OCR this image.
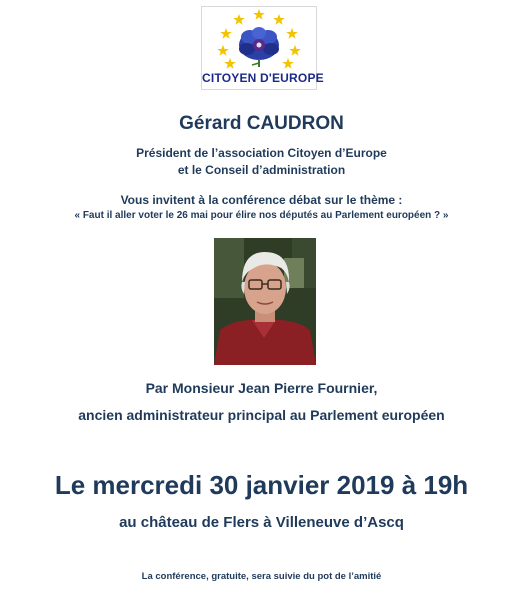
CITOYEN D'EUROPE
Gérard CAUDRON
Président de l’association Citoyen d’Europe
et le Conseil d’administration
Vous invitent à la conférence débat sur le thème :
« Faut il aller voter le 26 mai pour élire nos députés au Parlement européen ? »
Par Monsieur Jean Pierre Fournier,
ancien administrateur principal au Parlement européen
Le mercredi 30 janvier 2019 à 19h
au château de Flers à Villeneuve d’Ascq
La conférence, gratuite, sera suivie du pot de l’amitié
